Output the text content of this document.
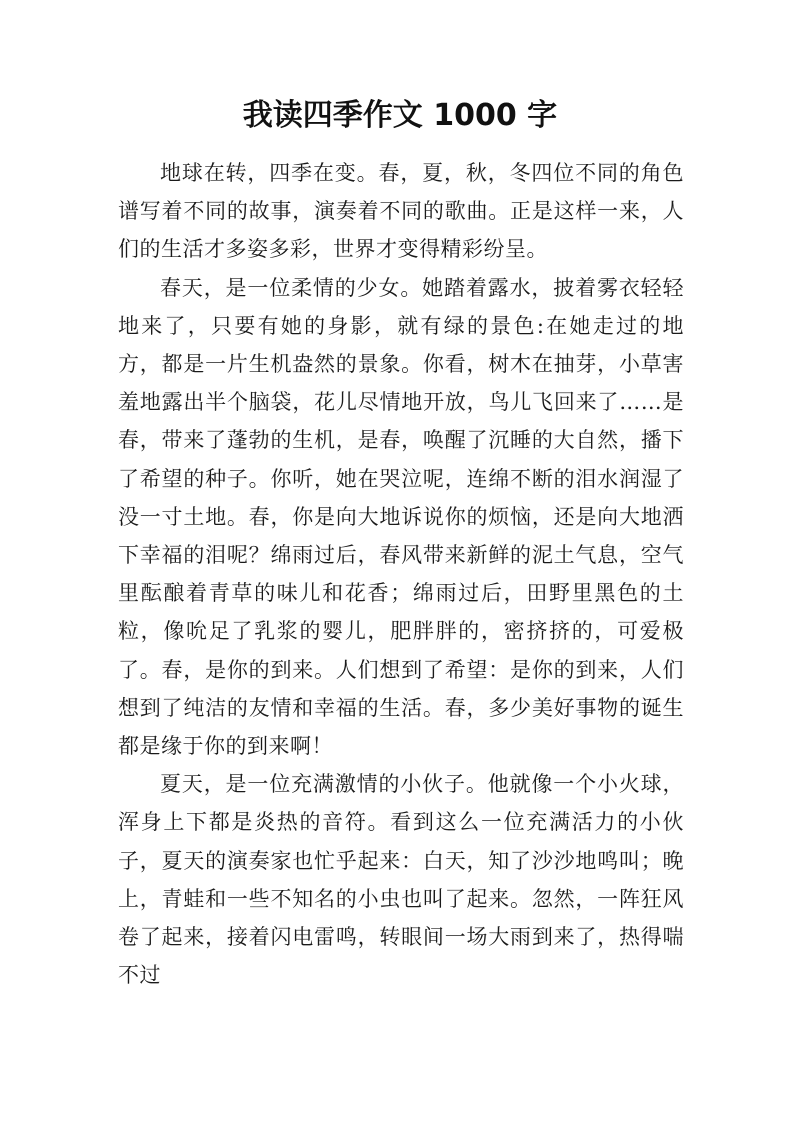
我读四季作文 1000 字

地球在转，四季在变。春，夏，秋，冬四位不同的角色谱写着不同的故事，演奏着不同的歌曲。正是这样一来，人们的生活才多姿多彩，世界才变得精彩纷呈。

春天，是一位柔情的少女。她踏着露水，披着雾衣轻轻地来了，只要有她的身影，就有绿的景色:在她走过的地方，都是一片生机盎然的景象。你看，树木在抽芽，小草害羞地露出半个脑袋，花儿尽情地开放，鸟儿飞回来了……是春，带来了蓬勃的生机，是春，唤醒了沉睡的大自然，播下了希望的种子。你听，她在哭泣呢，连绵不断的泪水润湿了没一寸土地。春，你是向大地诉说你的烦恼，还是向大地洒下幸福的泪呢？绵雨过后，春风带来新鲜的泥土气息，空气里酝酿着青草的味儿和花香；绵雨过后，田野里黑色的土粒，像吮足了乳浆的婴儿，肥胖胖的，密挤挤的，可爱极了。春，是你的到来。人们想到了希望：是你的到来，人们想到了纯洁的友情和幸福的生活。春，多少美好事物的诞生都是缘于你的到来啊！

夏天，是一位充满激情的小伙子。他就像一个小火球，浑身上下都是炎热的音符。看到这么一位充满活力的小伙子，夏天的演奏家也忙乎起来：白天，知了沙沙地鸣叫；晚上，青蛙和一些不知名的小虫也叫了起来。忽然，一阵狂风卷了起来，接着闪电雷鸣，转眼间一场大雨到来了，热得喘不过
